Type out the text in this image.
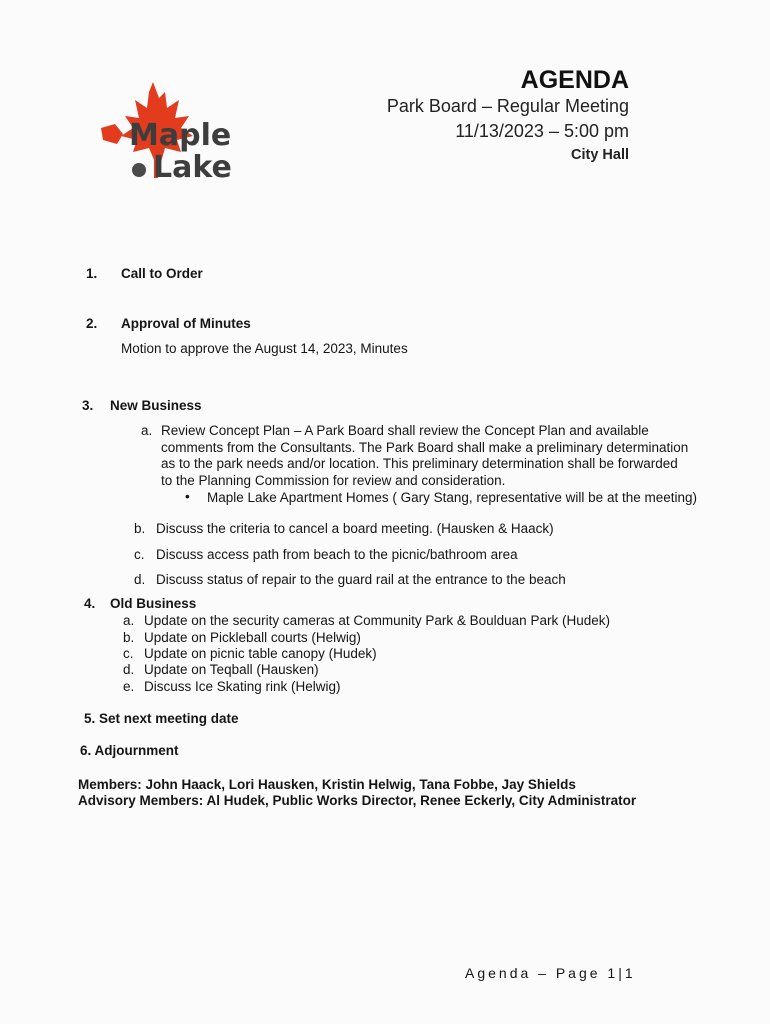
Maple
Lake
AGENDA
Park Board – Regular Meeting
11/13/2023 – 5:00 pm
City Hall
1. Call to Order
2. Approval of Minutes
Motion to approve the August 14, 2023, Minutes
3. New Business
a. Review Concept Plan – A Park Board shall review the Concept Plan and available
comments from the Consultants. The Park Board shall make a preliminary determination
as to the park needs and/or location. This preliminary determination shall be forwarded
to the Planning Commission for review and consideration.
• Maple Lake Apartment Homes ( Gary Stang, representative will be at the meeting)
b. Discuss the criteria to cancel a board meeting. (Hausken & Haack)
c. Discuss access path from beach to the picnic/bathroom area
d. Discuss status of repair to the guard rail at the entrance to the beach
4. Old Business
a. Update on the security cameras at Community Park & Boulduan Park (Hudek)
b. Update on Pickleball courts (Helwig)
c. Update on picnic table canopy (Hudek)
d. Update on Teqball (Hausken)
e. Discuss Ice Skating rink (Helwig)
5. Set next meeting date
6. Adjournment
Members: John Haack, Lori Hausken, Kristin Helwig, Tana Fobbe, Jay Shields
Advisory Members: Al Hudek, Public Works Director, Renee Eckerly, City Administrator
Agenda – Page 1|1
